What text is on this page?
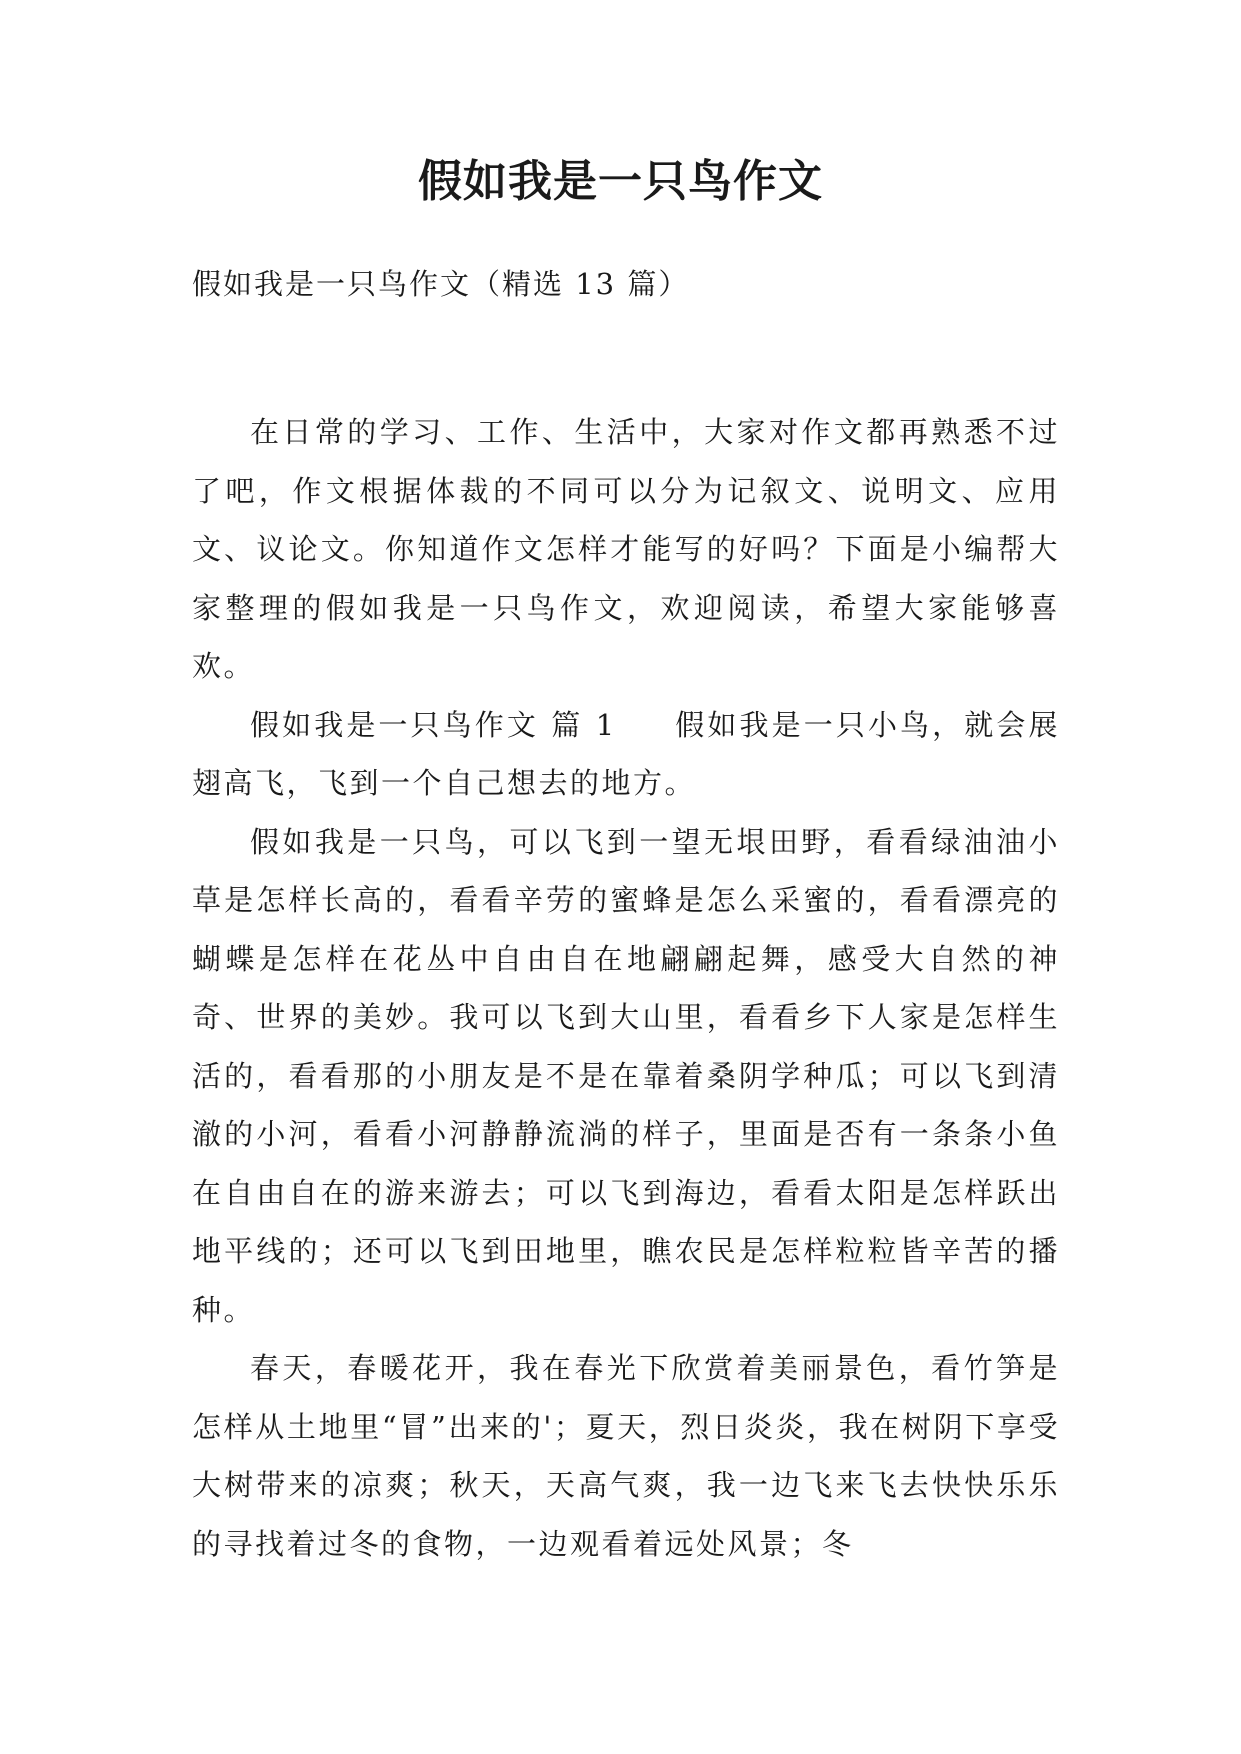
假如我是一只鸟作文

假如我是一只鸟作文（精选 13 篇）

在日常的学习、工作、生活中，大家对作文都再熟悉不过了吧，作文根据体裁的不同可以分为记叙文、说明文、应用文、议论文。你知道作文怎样才能写的好吗？下面是小编帮大家整理的假如我是一只鸟作文，欢迎阅读，希望大家能够喜欢。

假如我是一只鸟作文 篇 1 假如我是一只小鸟，就会展翅高飞，飞到一个自己想去的地方。

假如我是一只鸟，可以飞到一望无垠田野，看看绿油油小草是怎样长高的，看看辛劳的蜜蜂是怎么采蜜的，看看漂亮的蝴蝶是怎样在花丛中自由自在地翩翩起舞，感受大自然的神奇、世界的美妙。我可以飞到大山里，看看乡下人家是怎样生活的，看看那的小朋友是不是在靠着桑阴学种瓜；可以飞到清澈的小河，看看小河静静流淌的样子，里面是否有一条条小鱼在自由自在的游来游去；可以飞到海边，看看太阳是怎样跃出地平线的；还可以飞到田地里，瞧农民是怎样粒粒皆辛苦的播种。

春天，春暖花开，我在春光下欣赏着美丽景色，看竹笋是怎样从土地里“冒”出来的'；夏天，烈日炎炎，我在树阴下享受大树带来的凉爽；秋天，天高气爽，我一边飞来飞去快快乐乐的寻找着过冬的食物，一边观看着远处风景；冬
